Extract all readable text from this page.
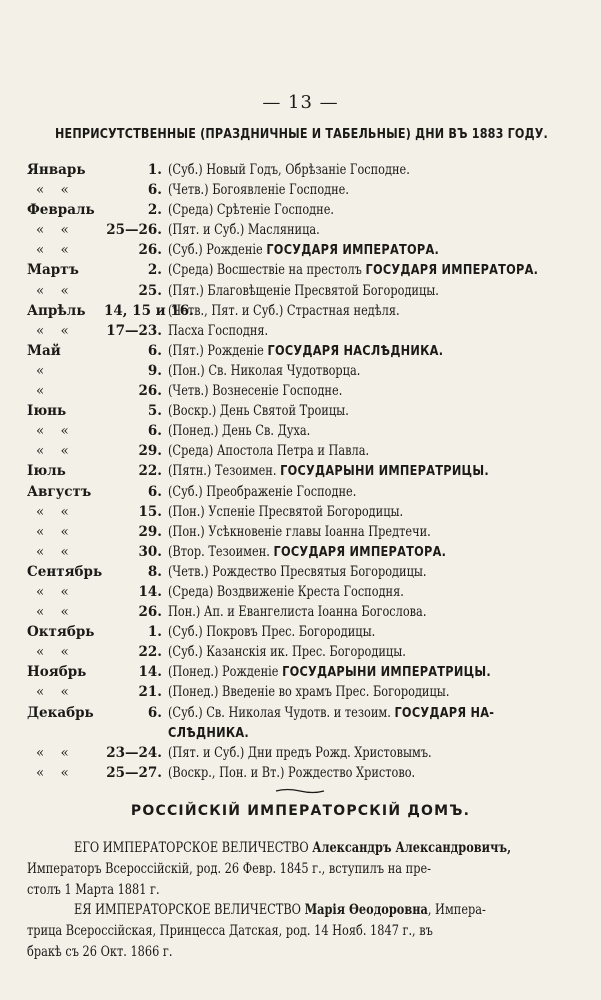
— 13 —
НЕПРИСУТСТВЕННЫЕ (ПРАЗДНИЧНЫЕ И ТАБЕЛЬНЫЕ) ДНИ ВЪ 1883 ГОДУ.
Январь	1. (Суб.) Новый Годъ, Обрѣзаніе Господне.
« «	6. (Четв.) Богоявленіе Господне.
Февраль	2. (Среда) Срѣтеніе Господне.
« «	25—26. (Пят. и Суб.) Масляница.
« «	26. (Суб.) Рожденіе ГОСУДАРЯ ИМПЕРАТОРА.
Мартъ	2. (Среда) Восшествіе на престолъ ГОСУДАРЯ ИМПЕРАТОРА.
« «	25. (Пят.) Благовѣщеніе Пресвятой Богородицы.
Апрѣль	14, 15 и 16.
(Четв., Пят. и Суб.) Страстная недѣля.
« «	17—23. Пасха Господня.
Май	6. (Пят.) Рожденіе ГОСУДАРЯ НАСЛѢДНИКА.
«	9. (Пон.) Св. Николая Чудотворца.
«	26. (Четв.) Вознесеніе Господне.
Іюнь	5. (Воскр.) День Святой Троицы.
« «	6. (Понед.) День Св. Духа.
« «	29. (Среда) Апостола Петра и Павла.
Іюль	22. (Пятн.) Тезоимен. ГОСУДАРЫНИ ИМПЕРАТРИЦЫ.
Августъ	6. (Суб.) Преображеніе Господне.
« «	15. (Пон.) Успеніе Пресвятой Богородицы.
« «	29. (Пон.) Усѣкновеніе главы Іоанна Предтечи.
« «	30. (Втор. Тезоимен. ГОСУДАРЯ ИМПЕРАТОРА.
Сентябрь	8. (Четв.) Рождество Пресвятыя Богородицы.
« «	14. (Среда) Воздвиженіе Креста Господня.
« «	26. Пон.) Ап. и Евангелиста Іоанна Богослова.
Октябрь	1. (Суб.) Покровъ Прес. Богородицы.
« «	22. (Суб.) Казанскія ик. Прес. Богородицы.
Ноябрь	14. (Понед.) Рожденіе ГОСУДАРЫНИ ИМПЕРАТРИЦЫ.
« «	21. (Понед.) Введеніе во храмъ Прес. Богородицы.
Декабрь	6. (Суб.) Св. Николая Чудотв. и тезоим. ГОСУДАРЯ НА-
СЛѢДНИКА.
« «	23—24. (Пят. и Суб.) Дни предъ Рожд. Христовымъ.
« «	25—27. (Воскр., Пон. и Вт.) Рождество Христово.
РОССІЙСКІЙ ИМПЕРАТОРСКІЙ ДОМЪ.
ЕГО ИМПЕРАТОРСКОЕ ВЕЛИЧЕСТВО Александръ Александровичъ,
Императоръ Всероссійскій, род. 26 Февр. 1845 г., вступилъ на пре-
столъ 1 Марта 1881 г.
ЕЯ ИМПЕРАТОРСКОЕ ВЕЛИЧЕСТВО Марія Ѳеодоровна, Импера-
трица Всероссійская, Принцесса Датская, род. 14 Нояб. 1847 г., въ
бракѣ съ 26 Окт. 1866 г.
